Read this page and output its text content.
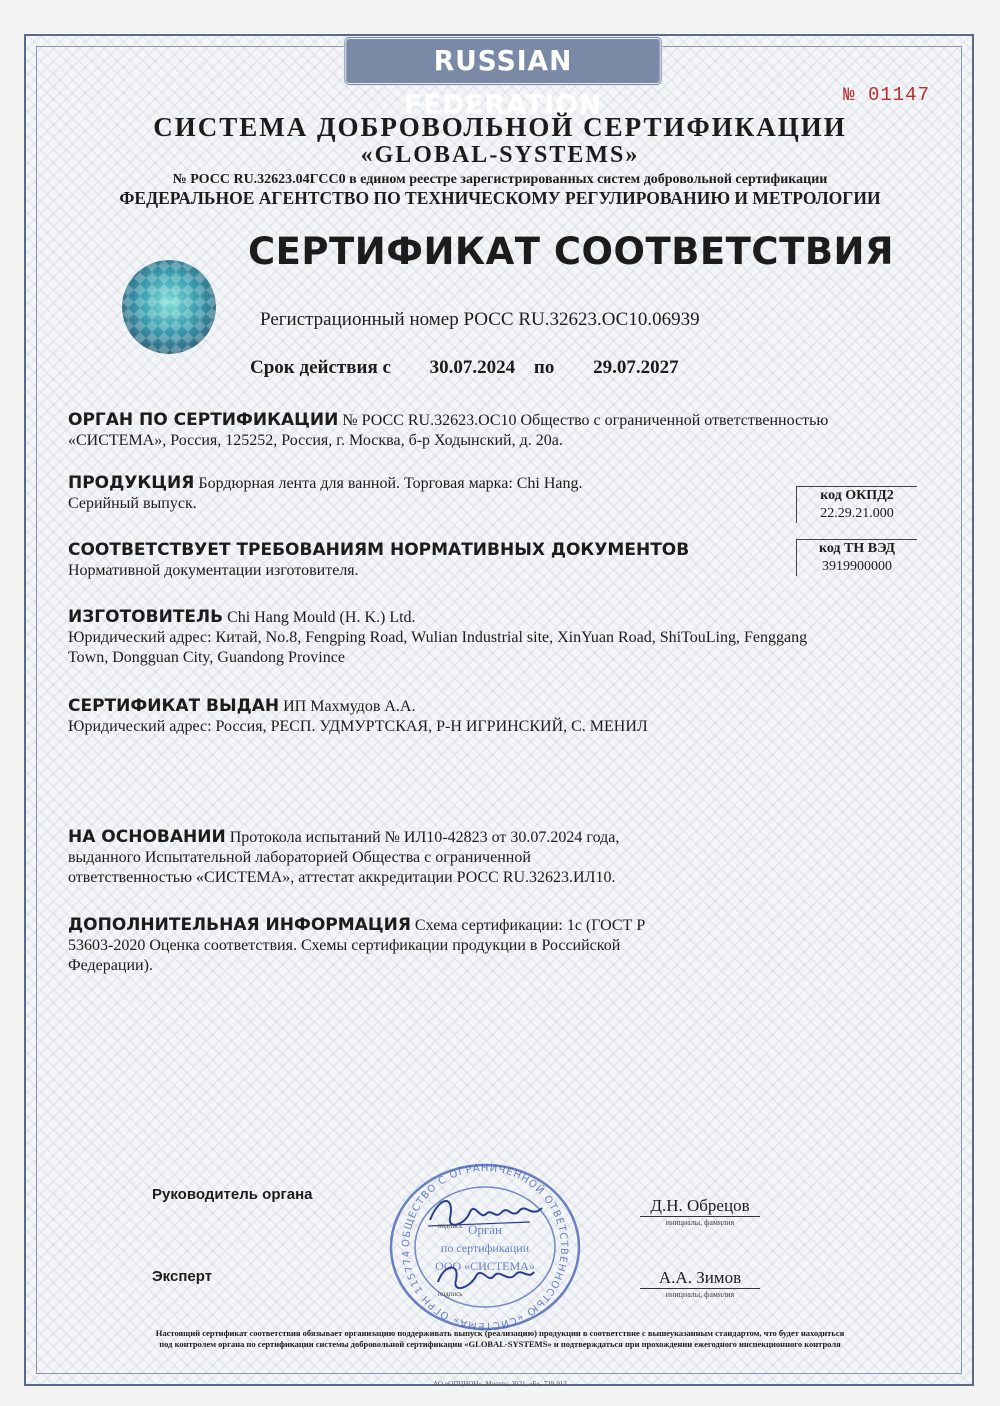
RUSSIAN FEDERATION	№ 01147
СИСТЕМА ДОБРОВОЛЬНОЙ СЕРТИФИКАЦИИ
«GLOBAL-SYSTEMS»
№ РОСС RU.32623.04ГСС0 в едином реестре зарегистрированных систем добровольной сертификации
ФЕДЕРАЛЬНОЕ АГЕНТСТВО ПО ТЕХНИЧЕСКОМУ РЕГУЛИРОВАНИЮ И МЕТРОЛОГИИ
СЕРТИФИКАТ СООТВЕТСТВИЯ
Регистрационный номер РОСС RU.32623.ОС10.06939
Срок действия с 30.07.2024 по 29.07.2027
ОРГАН ПО СЕРТИФИКАЦИИ № РОСС RU.32623.ОС10 Общество с ограниченной ответственностью
«СИСТЕМА», Россия, 125252, Россия, г. Москва, б-р Ходынский, д. 20а.
ПРОДУКЦИЯ Бордюрная лента для ванной. Торговая марка: Chi Hang.
Серийный выпуск.	код ОКПД2
22.29.21.000
СООТВЕТСТВУЕТ ТРЕБОВАНИЯМ НОРМАТИВНЫХ ДОКУМЕНТОВ
Нормативной документации изготовителя.
код ТН ВЭД
3919900000
ИЗГОТОВИТЕЛЬ Chi Hang Mould (H. K.) Ltd.
Юридический адрес: Китай, No.8, Fengping Road, Wulian Industrial site, XinYuan Road, ShiTouLing, Fenggang
Town, Dongguan City, Guandong Province
СЕРТИФИКАТ ВЫДАН ИП Махмудов А.А.
Юридический адрес: Россия, РЕСП. УДМУРТСКАЯ, Р-Н ИГРИНСКИЙ, С. МЕНИЛ
НА ОСНОВАНИИ Протокола испытаний № ИЛ10-42823 от 30.07.2024 года,
выданного Испытательной лабораторией Общества с ограниченной
ответственностью «СИСТЕМА», аттестат аккредитации РОСС RU.32623.ИЛ10.
ДОПОЛНИТЕЛЬНАЯ ИНФОРМАЦИЯ Схема сертификации: 1с (ГОСТ Р
53603-2020 Оценка соответствия. Схемы сертификации продукции в Российской
Федерации).
ОБЩЕСТВО С ОГРАНИЧЕННОЙ ОТВЕТСТВЕННОСТЬЮ «СИСТЕМА» ОГРН 115774
Орган
по сертификации
ООО «СИСТЕМА»
Руководитель органа
подпись
Д.Н. Обрецов
инициалы, фамилия
Эксперт
подпись
А.А. Зимов
инициалы, фамилия
Настоящий сертификат соответствия обязывает организацию поддерживать выпуск (реализацию) продукции в соответствие с вышеуказанным стандартом, что будет находиться
под контролем органа по сертификации системы добровольной сертификации «GLOBAL-SYSTEMS» и подтверждаться при прохождении ежегодного инспекционного контроля
АО «ОПЦИОН», Москва, 2021, «Б», 729-913
